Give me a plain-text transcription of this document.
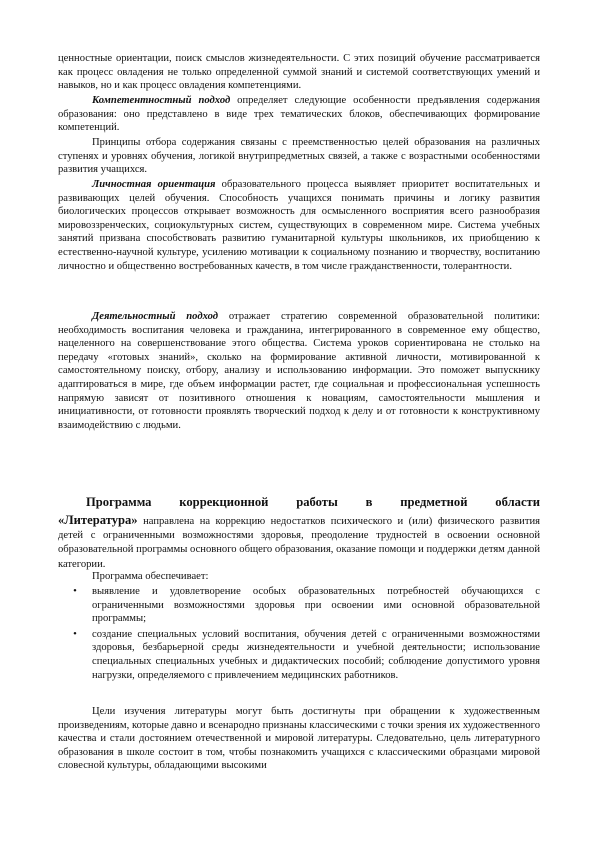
ценностные ориентации, поиск смыслов жизнедеятельности. С этих позиций обучение рассматривается как процесс овладения не только определенной суммой знаний и системой соответствующих умений и навыков, но и как процесс овладения компетенциями.

Компетентностный подход определяет следующие особенности предъявления содержания образования: оно представлено в виде трех тематических блоков, обеспечивающих формирование компетенций.

Принципы отбора содержания связаны с преемственностью целей образования на различных ступенях и уровнях обучения, логикой внутрипредметных связей, а также с возрастными особенностями развития учащихся.

Личностная ориентация образовательного процесса выявляет приоритет воспитательных и развивающих целей обучения. Способность учащихся понимать причины и логику развития биологических процессов открывает возможность для осмысленного восприятия всего разнообразия мировоззренческих, социокультурных систем, существующих в современном мире. Система учебных занятий призвана способствовать развитию гуманитарной культуры школьников, их приобщению к естественно-научной культуре, усилению мотивации к социальному познанию и творчеству, воспитанию личностно и общественно востребованных качеств, в том числе гражданственности, толерантности.

Деятельностный подход отражает стратегию современной образовательной политики: необходимость воспитания человека и гражданина, интегрированного в современное ему общество, нацеленного на совершенствование этого общества. Система уроков сориентирована не столько на передачу «готовых знаний», сколько на формирование активной личности, мотивированной к самостоятельному поиску, отбору, анализу и использованию информации. Это поможет выпускнику адаптироваться в мире, где объем информации растет, где социальная и профессиональная успешность напрямую зависят от позитивного отношения к новациям, самостоятельности мышления и инициативности, от готовности проявлять творческий подход к делу и от готовности к конструктивному взаимодействию с людьми.

Программа коррекционной работы в предметной области

«Литература» направлена на коррекцию недостатков психического и (или) физического развития детей с ограниченными возможностями здоровья, преодоление трудностей в освоении основной образовательной программы основного общего образования, оказание помощи и поддержки детям данной категории.

Программа обеспечивает:

• выявление и удовлетворение особых образовательных потребностей обучающихся с ограниченными возможностями здоровья при освоении ими основной образовательной программы;
• создание специальных условий воспитания, обучения детей с ограниченными возможностями здоровья, безбарьерной среды жизнедеятельности и учебной деятельности; использование специальных специальных учебных и дидактических пособий; соблюдение допустимого уровня нагрузки, определяемого с привлечением медицинских работников.

Цели изучения литературы могут быть достигнуты при обращении к художественным произведениям, которые давно и всенародно признаны классическими с точки зрения их художественного качества и стали достоянием отечественной и мировой литературы. Следовательно, цель литературного образования в школе состоит в том, чтобы познакомить учащихся с классическими образцами мировой словесной культуры, обладающими высокими
